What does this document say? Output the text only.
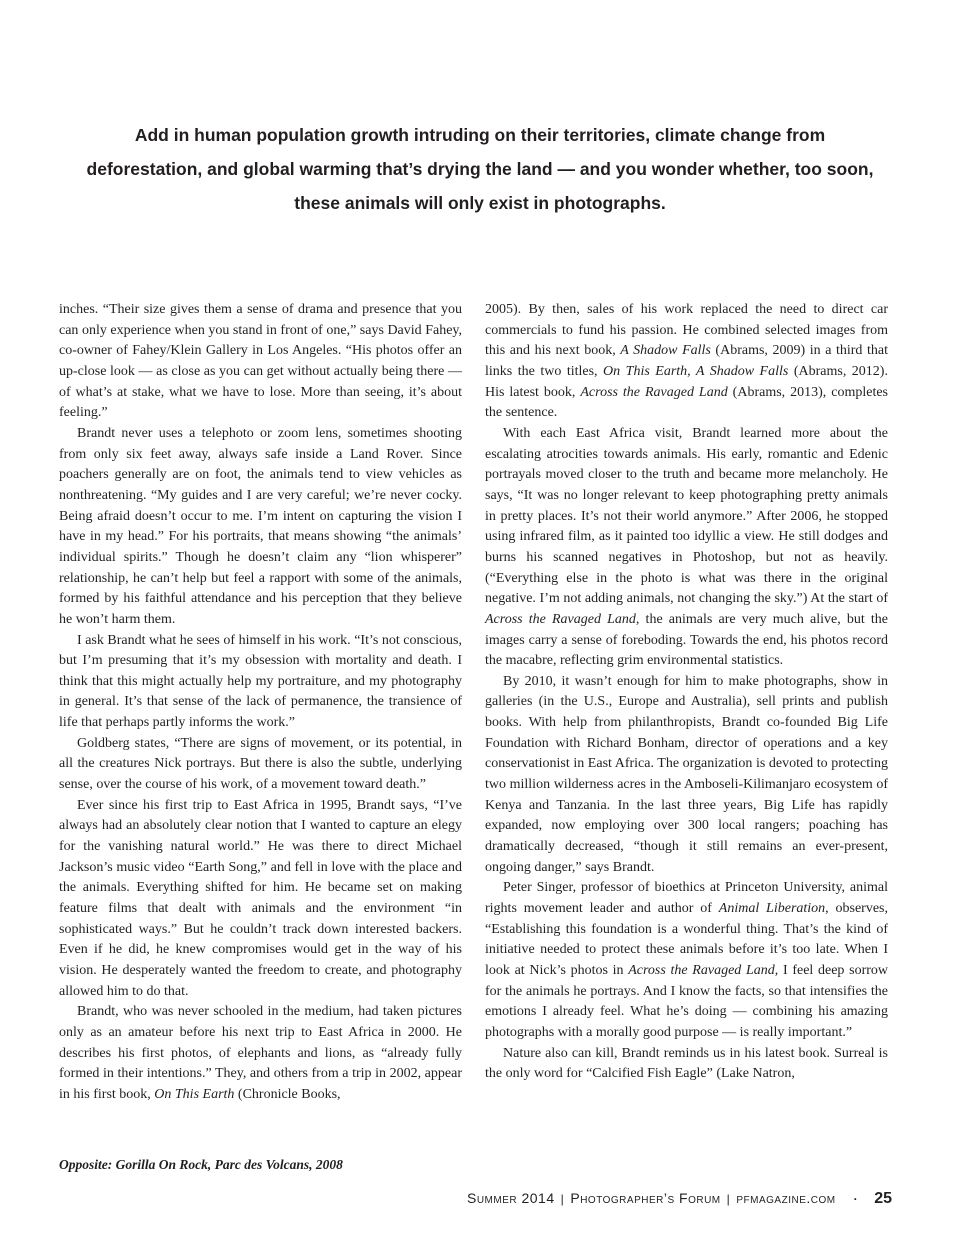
Add in human population growth intruding on their territories, climate change from
deforestation, and global warming that’s drying the land — and you wonder whether, too soon,
these animals will only exist in photographs.

inches. “Their size gives them a sense of drama and presence that you can only experience when you stand in front of one,” says David Fahey, co-owner of Fahey/Klein Gallery in Los Angeles. “His photos offer an up-close look — as close as you can get without actually being there — of what’s at stake, what we have to lose. More than seeing, it’s about feeling.”

Brandt never uses a telephoto or zoom lens, sometimes shooting from only six feet away, always safe inside a Land Rover. Since poachers generally are on foot, the animals tend to view vehicles as nonthreatening. “My guides and I are very careful; we’re never cocky. Being afraid doesn’t occur to me. I’m intent on capturing the vision I have in my head.” For his portraits, that means showing “the animals’ individual spirits.” Though he doesn’t claim any “lion whisperer” relationship, he can’t help but feel a rapport with some of the animals, formed by his faithful attendance and his perception that they believe he won’t harm them.

I ask Brandt what he sees of himself in his work. “It’s not conscious, but I’m presuming that it’s my obsession with mortality and death. I think that this might actually help my portraiture, and my photography in general. It’s that sense of the lack of permanence, the transience of life that perhaps partly informs the work.”

Goldberg states, “There are signs of movement, or its potential, in all the creatures Nick portrays. But there is also the subtle, underlying sense, over the course of his work, of a movement toward death.”

Ever since his first trip to East Africa in 1995, Brandt says, “I’ve always had an absolutely clear notion that I wanted to capture an elegy for the vanishing natural world.” He was there to direct Michael Jackson’s music video “Earth Song,” and fell in love with the place and the animals. Everything shifted for him. He became set on making feature films that dealt with animals and the environment “in sophisticated ways.” But he couldn’t track down interested backers. Even if he did, he knew compromises would get in the way of his vision. He desperately wanted the freedom to create, and photography allowed him to do that.

Brandt, who was never schooled in the medium, had taken pictures only as an amateur before his next trip to East Africa in 2000. He describes his first photos, of elephants and lions, as “already fully formed in their intentions.” They, and others from a trip in 2002, appear in his first book, On This Earth (Chronicle Books,

2005). By then, sales of his work replaced the need to direct car commercials to fund his passion. He combined selected images from this and his next book, A Shadow Falls (Abrams, 2009) in a third that links the two titles, On This Earth, A Shadow Falls (Abrams, 2012). His latest book, Across the Ravaged Land (Abrams, 2013), completes the sentence.

With each East Africa visit, Brandt learned more about the escalating atrocities towards animals. His early, romantic and Edenic portrayals moved closer to the truth and became more melancholy. He says, “It was no longer relevant to keep photographing pretty animals in pretty places. It’s not their world anymore.” After 2006, he stopped using infrared film, as it painted too idyllic a view. He still dodges and burns his scanned negatives in Photoshop, but not as heavily. (“Everything else in the photo is what was there in the original negative. I’m not adding animals, not changing the sky.”) At the start of Across the Ravaged Land, the animals are very much alive, but the images carry a sense of foreboding. Towards the end, his photos record the macabre, reflecting grim environmental statistics.

By 2010, it wasn’t enough for him to make photographs, show in galleries (in the U.S., Europe and Australia), sell prints and publish books. With help from philanthropists, Brandt co-founded Big Life Foundation with Richard Bonham, director of operations and a key conservationist in East Africa. The organization is devoted to protecting two million wilderness acres in the Amboseli-Kilimanjaro ecosystem of Kenya and Tanzania. In the last three years, Big Life has rapidly expanded, now employing over 300 local rangers; poaching has dramatically decreased, “though it still remains an ever-present, ongoing danger,” says Brandt.

Peter Singer, professor of bioethics at Princeton University, animal rights movement leader and author of Animal Liberation, observes, “Establishing this foundation is a wonderful thing. That’s the kind of initiative needed to protect these animals before it’s too late. When I look at Nick’s photos in Across the Ravaged Land, I feel deep sorrow for the animals he portrays. And I know the facts, so that intensifies the emotions I already feel. What he’s doing — combining his amazing photographs with a morally good purpose — is really important.”

Nature also can kill, Brandt reminds us in his latest book. Surreal is the only word for “Calcified Fish Eagle” (Lake Natron,

Opposite: Gorilla On Rock, Parc des Volcans, 2008
Summer 2014 | Photographer’s Forum | pfmagazine.com · 25
